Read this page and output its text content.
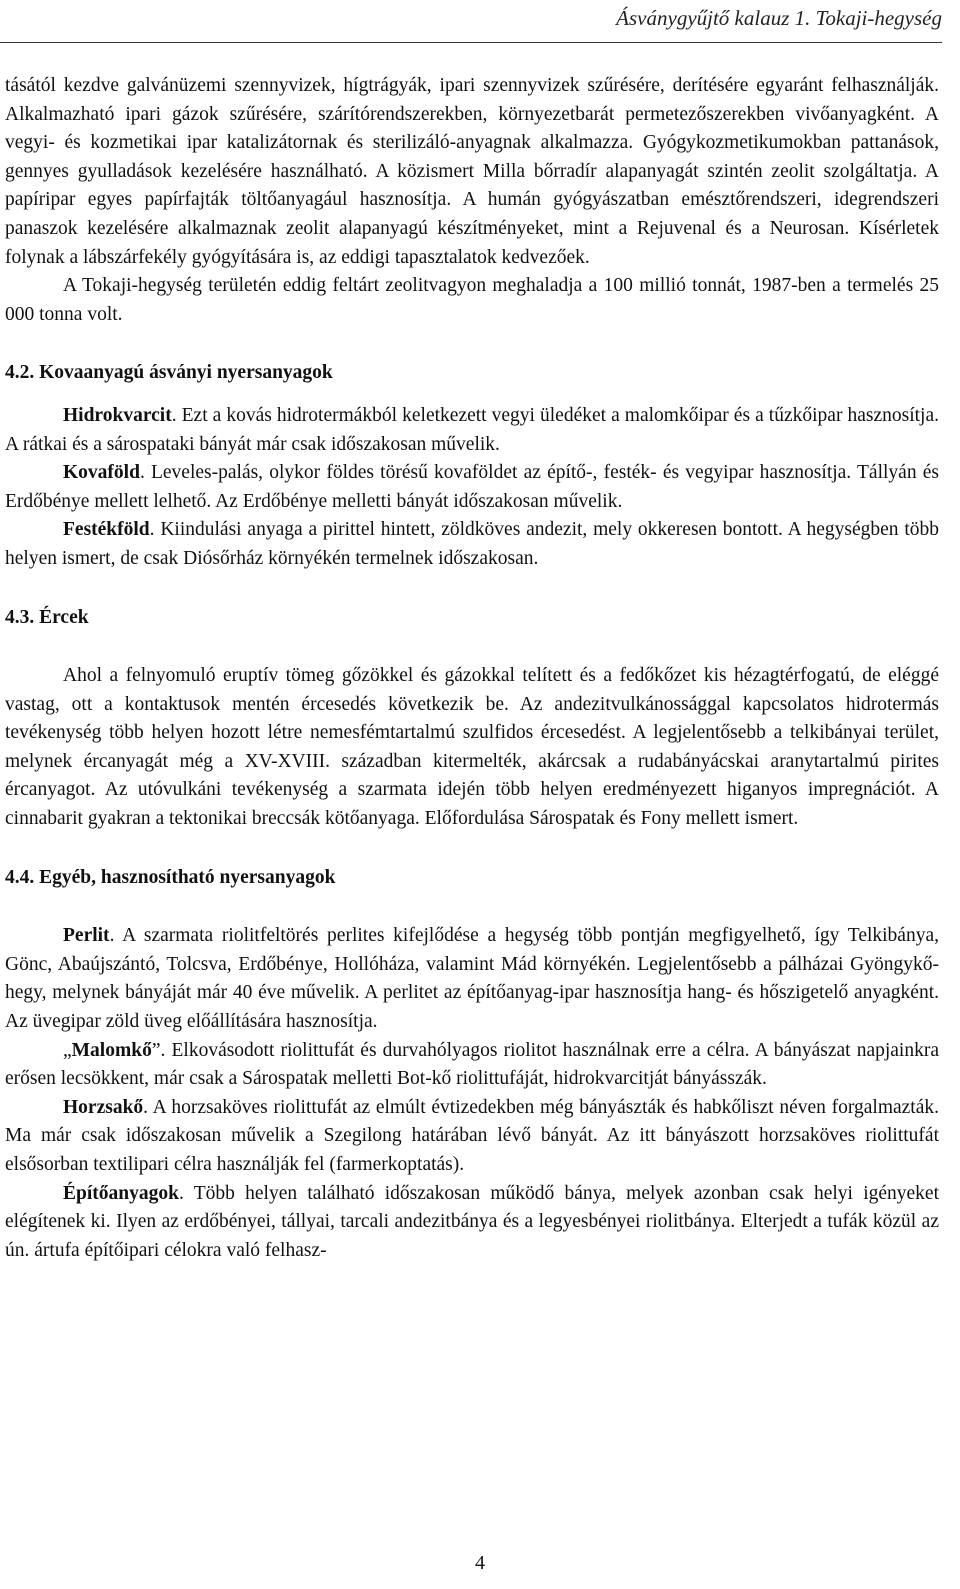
Ásványgyűjtő kalauz 1. Tokaji-hegység

tásától kezdve galvánüzemi szennyvizek, hígtrágyák, ipari szennyvizek szűrésére, derítésére egyaránt felhasználják. Alkalmazható ipari gázok szűrésére, szárítórendszerekben, környezetbarát permetezőszerekben vivőanyagként. A vegyi- és kozmetikai ipar katalizátornak és sterilizáló-anyagnak alkalmazza. Gyógykozmetikumokban pattanások, gennyes gyulladások kezelésére használható. A közismert Milla bőrradír alapanyagát szintén zeolit szolgáltatja. A papíripar egyes papírfajták töltőanyagául hasznosítja. A humán gyógyászatban emésztőrendszeri, idegrendszeri panaszok kezelésére alkalmaznak zeolit alapanyagú készítményeket, mint a Rejuvenal és a Neurosan. Kísérletek folynak a lábszárfekély gyógyítására is, az eddigi tapasztalatok kedvezőek.

A Tokaji-hegység területén eddig feltárt zeolitvagyon meghaladja a 100 millió tonnát, 1987-ben a termelés 25 000 tonna volt.

4.2. Kovaanyagú ásványi nyersanyagok

Hidrokvarcit. Ezt a kovás hidrotermákból keletkezett vegyi üledéket a malomkőipar és a tűzkőipar hasznosítja. A rátkai és a sárospataki bányát már csak időszakosan művelik.

Kovaföld. Leveles-palás, olykor földes törésű kovaföldet az építő-, festék- és vegyipar hasznosítja. Tállyán és Erdőbénye mellett lelhető. Az Erdőbénye melletti bányát időszakosan művelik.

Festékföld. Kiindulási anyaga a pirittel hintett, zöldköves andezit, mely okkeresen bontott. A hegységben több helyen ismert, de csak Diósőrház környékén termelnek időszakosan.

4.3. Ércek

Ahol a felnyomuló eruptív tömeg gőzökkel és gázokkal telített és a fedőkőzet kis hézagtérfogatú, de eléggé vastag, ott a kontaktusok mentén ércesedés következik be. Az andezitvulkánossággal kapcsolatos hidrotermás tevékenység több helyen hozott létre nemesfémtartalmú szulfidos ércesedést. A legjelentősebb a telkibányai terület, melynek ércanyagát még a XV-XVIII. században kitermelték, akárcsak a rudabányácskai aranytartalmú pirites ércanyagot. Az utóvulkáni tevékenység a szarmata idején több helyen eredményezett higanyos impregnációt. A cinnabarit gyakran a tektonikai breccsák kötőanyaga. Előfordulása Sárospatak és Fony mellett ismert.

4.4. Egyéb, hasznosítható nyersanyagok

Perlit. A szarmata riolitfeltörés perlites kifejlődése a hegység több pontján megfigyelhető, így Telkibánya, Gönc, Abaújszántó, Tolcsva, Erdőbénye, Hollóháza, valamint Mád környékén. Legjelentősebb a pálházai Gyöngykő-hegy, melynek bányáját már 40 éve művelik. A perlitet az építőanyag-ipar hasznosítja hang- és hőszigetelő anyagként. Az üvegipar zöld üveg előállítására hasznosítja.

„Malomkő”. Elkovásodott riolittufát és durvahólyagos riolitot használnak erre a célra. A bányászat napjainkra erősen lecsökkent, már csak a Sárospatak melletti Bot-kő riolittufáját, hidrokvarcitját bányásszák.

Horzsakő. A horzsaköves riolittufát az elmúlt évtizedekben még bányászták és habkőliszt néven forgalmazták. Ma már csak időszakosan művelik a Szegilong határában lévő bányát. Az itt bányászott horzsaköves riolittufát elsősorban textilipari célra használják fel (farmerkoptatás).

Építőanyagok. Több helyen található időszakosan működő bánya, melyek azonban csak helyi igényeket elégítenek ki. Ilyen az erdőbényei, tállyai, tarcali andezitbánya és a legyesbényei riolitbánya. Elterjedt a tufák közül az ún. ártufa építőipari célokra való felhasz-

4
